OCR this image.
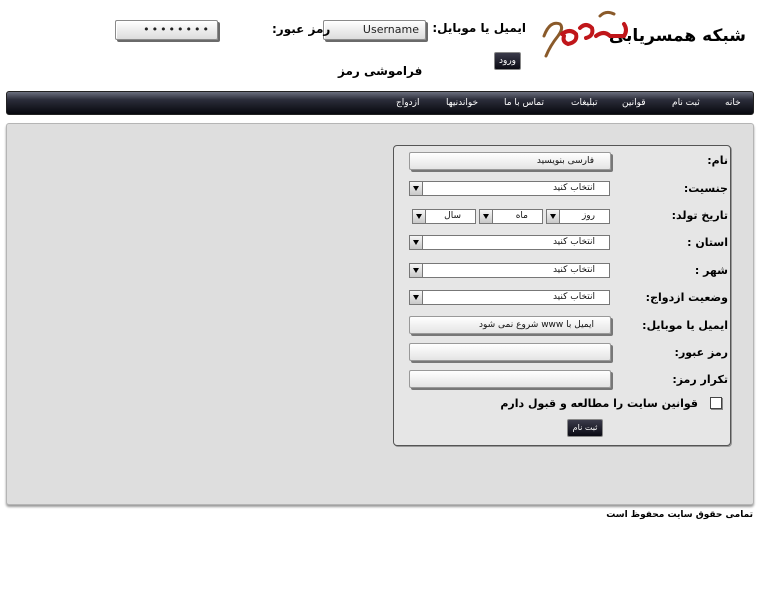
شبکه همسریابی
دوهمدم
ایمیل یا موبایل:
Username
رمز عبور:
••••••••
ورود
فراموشی رمز
خانه
ثبت نام
قوانین
تبلیغات
تماس با ما
خواندنیها
ازدواج
نام:
فارسی بنویسید
جنسیت:
انتخاب کنید
تاریخ تولد:
روز
ماه
سال
استان :
انتخاب کنید
شهر :
انتخاب کنید
وضعیت ازدواج:
انتخاب کنید
ایمیل یا موبایل:
ایمیل با www شروع نمی شود
رمز عبور:
تکرار رمز:
قوانین سایت را مطالعه و قبول دارم
ثبت نام
تمامی حقوق سایت محفوظ است
